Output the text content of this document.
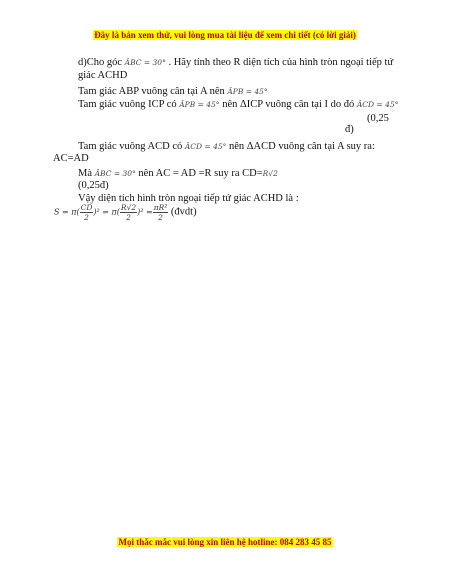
Đây là bản xem thử, vui lòng mua tài liệu để xem chi tiết (có lời giải)
d)Cho góc ÂBC = 30° . Hãy tính theo R diện tích của hình tròn ngoại tiếp tứ
giác ACHD
Tam giác ABP vuông cân tại A nên ÂPB = 45°
Tam giác vuông ICP có ÂPB = 45° nên ΔICP vuông cân tại I do đó ÂCD = 45°
(0,25
đ)
Tam giác vuông ACD có ÂCD = 45° nên ΔACD vuông cân tại A suy ra:
AC=AD
Mà ÂBC = 30° nên AC = AD =R suy ra CD=R√2
(0,25đ)
Vậy diện tích hình tròn ngoại tiếp tứ giác ACHD là :
$S = \pi( \frac{CD}{2} )^2 = \pi( \frac{R√2}{2} )^2 = \frac{\text{πR²}}{2}$ (đvdt)
Mọi thắc mắc vui lòng xin liên hệ hotline: 084 283 45 85
